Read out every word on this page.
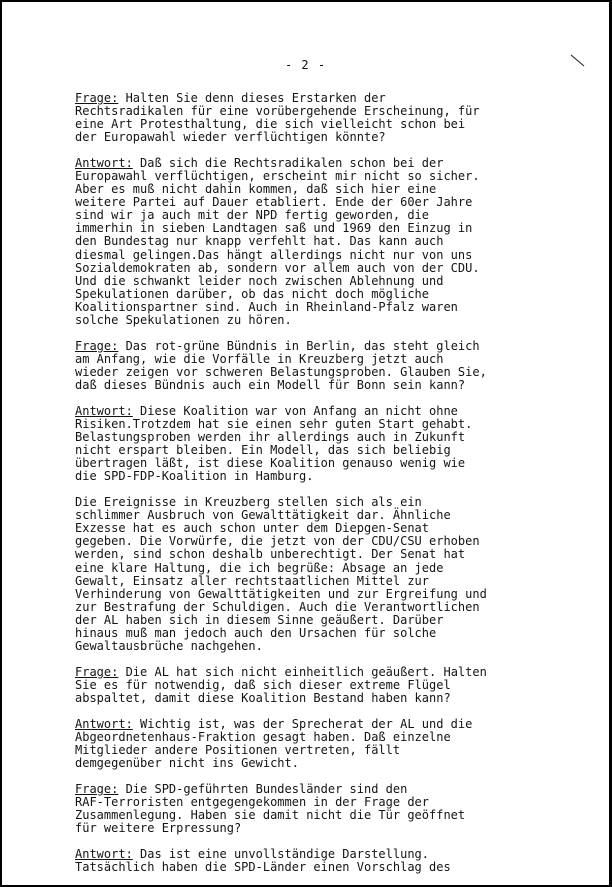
- 2 -

Frage: Halten Sie denn dieses Erstarken der
Rechtsradikalen für eine vorübergehende Erscheinung, für
eine Art Protesthaltung, die sich vielleicht schon bei
der Europawahl wieder verflüchtigen könnte?

Antwort: Daß sich die Rechtsradikalen schon bei der
Europawahl verflüchtigen, erscheint mir nicht so sicher.
Aber es muß nicht dahin kommen, daß sich hier eine
weitere Partei auf Dauer etabliert. Ende der 60er Jahre
sind wir ja auch mit der NPD fertig geworden, die
immerhin in sieben Landtagen saß und 1969 den Einzug in
den Bundestag nur knapp verfehlt hat. Das kann auch
diesmal gelingen.Das hängt allerdings nicht nur von uns
Sozialdemokraten ab, sondern vor allem auch von der CDU.
Und die schwankt leider noch zwischen Ablehnung und
Spekulationen darüber, ob das nicht doch mögliche
Koalitionspartner sind. Auch in Rheinland-Pfalz waren
solche Spekulationen zu hören.

Frage: Das rot-grüne Bündnis in Berlin, das steht gleich
am Anfang, wie die Vorfälle in Kreuzberg jetzt auch
wieder zeigen vor schweren Belastungsproben. Glauben Sie,
daß dieses Bündnis auch ein Modell für Bonn sein kann?

Antwort: Diese Koalition war von Anfang an nicht ohne
Risiken.Trotzdem hat sie einen sehr guten Start gehabt.
Belastungsproben werden ihr allerdings auch in Zukunft
nicht erspart bleiben. Ein Modell, das sich beliebig
übertragen läßt, ist diese Koalition genauso wenig wie
die SPD-FDP-Koalition in Hamburg.

Die Ereignisse in Kreuzberg stellen sich als ein
schlimmer Ausbruch von Gewalttätigkeit dar. Ähnliche
Exzesse hat es auch schon unter dem Diepgen-Senat
gegeben. Die Vorwürfe, die jetzt von der CDU/CSU erhoben
werden, sind schon deshalb unberechtigt. Der Senat hat
eine klare Haltung, die ich begrüße: Absage an jede
Gewalt, Einsatz aller rechtstaatlichen Mittel zur
Verhinderung von Gewalttätigkeiten und zur Ergreifung und
zur Bestrafung der Schuldigen. Auch die Verantwortlichen
der AL haben sich in diesem Sinne geäußert. Darüber
hinaus muß man jedoch auch den Ursachen für solche
Gewaltausbrüche nachgehen.

Frage: Die AL hat sich nicht einheitlich geäußert. Halten
Sie es für notwendig, daß sich dieser extreme Flügel
abspaltet, damit diese Koalition Bestand haben kann?

Antwort: Wichtig ist, was der Sprecherat der AL und die
Abgeordnetenhaus-Fraktion gesagt haben. Daß einzelne
Mitglieder andere Positionen vertreten, fällt
demgegenüber nicht ins Gewicht.

Frage: Die SPD-geführten Bundesländer sind den
RAF-Terroristen entgegengekommen in der Frage der
Zusammenlegung. Haben sie damit nicht die Tür geöffnet
für weitere Erpressung?

Antwort: Das ist eine unvollständige Darstellung.
Tatsächlich haben die SPD-Länder einen Vorschlag des
